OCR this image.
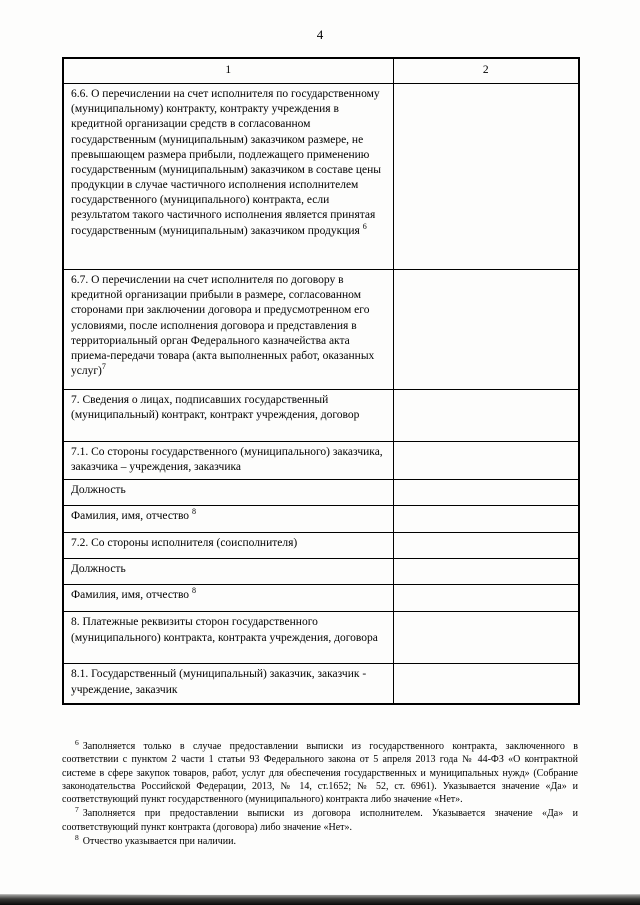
4
1	2
6.6. О перечислении на счет исполнителя по государственному (муниципальному) контракту, контракту учреждения в кредитной организации средств в согласованном государственным (муниципальным) заказчиком размере, не превышающем размера прибыли, подлежащего применению государственным (муниципальным) заказчиком в составе цены продукции в случае частичного исполнения исполнителем государственного (муниципального) контракта, если результатом такого частичного исполнения является принятая государственным (муниципальным) заказчиком продукция $^6$	
6.7. О перечислении на счет исполнителя по договору в кредитной организации прибыли в размере, согласованном сторонами при заключении договора и предусмотренном его условиями, после исполнения договора и представления в территориальный орган Федерального казначейства акта приема-передачи товара (акта выполненных работ, оказанных услуг)$^7$	
7. Сведения о лицах, подписавших государственный (муниципальный) контракт, контракт учреждения, договор	
7.1. Со стороны государственного (муниципального) заказчика, заказчика – учреждения, заказчика	
Должность	
Фамилия, имя, отчество $^8$	
7.2. Со стороны исполнителя (соисполнителя)	
Должность	
Фамилия, имя, отчество $^8$	
8. Платежные реквизиты сторон государственного (муниципального) контракта, контракта учреждения, договора	
8.1. Государственный (муниципальный) заказчик, заказчик - учреждение, заказчик	
$^6$ Заполняется только в случае предоставлении выписки из государственного контракта, заключенного в соответствии с пунктом 2 части 1 статьи 93 Федерального закона от 5 апреля 2013 года № 44-ФЗ «О контрактной системе в сфере закупок товаров, работ, услуг для обеспечения государственных и муниципальных нужд» (Собрание законодательства Российской Федерации, 2013, № 14, ст.1652; № 52, ст. 6961). Указывается значение «Да» и соответствующий пункт государственного (муниципального) контракта либо значение «Нет».
$^7$ Заполняется при предоставлении выписки из договора исполнителем. Указывается значение «Да» и соответствующий пункт контракта (договора) либо значение «Нет».
$^8$ Отчество указывается при наличии.
